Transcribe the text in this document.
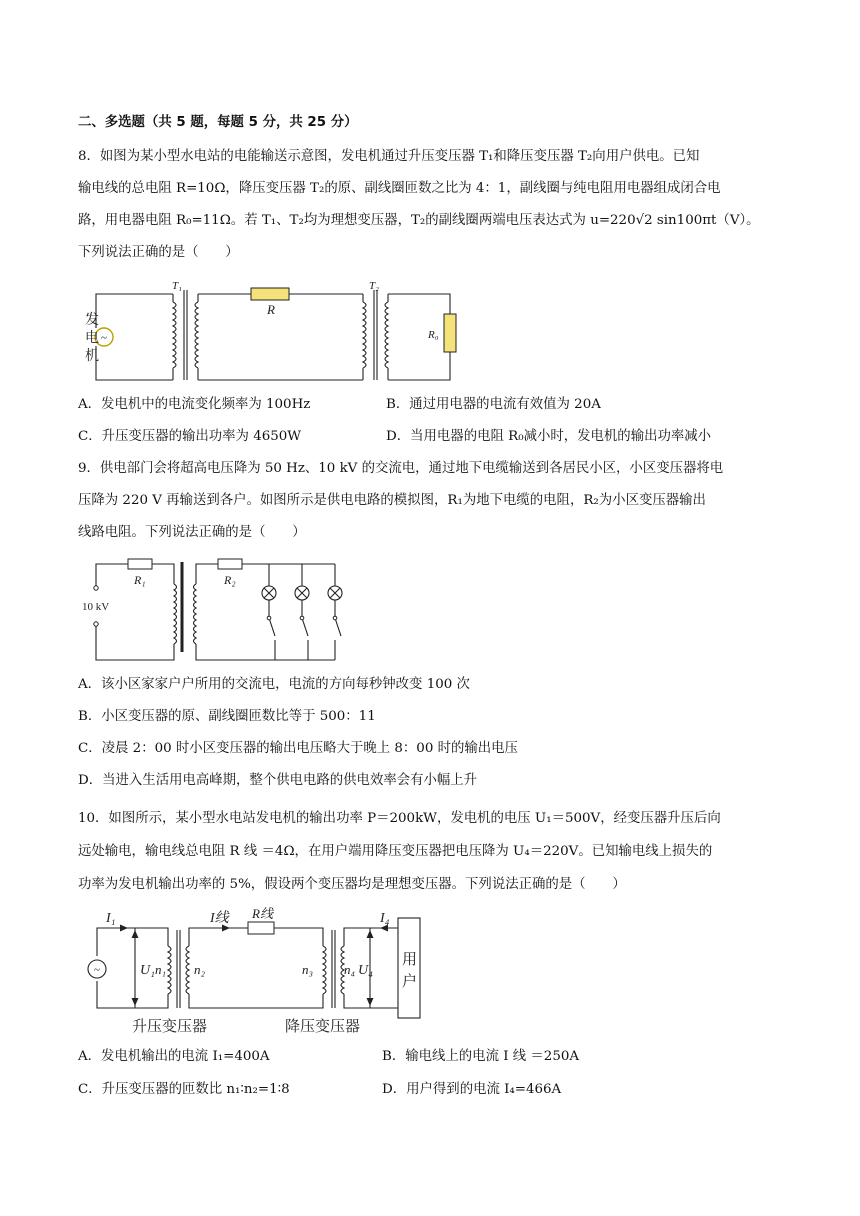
二、多选题（共 5 题，每题 5 分，共 25 分）
8．如图为某小型水电站的电能输送示意图，发电机通过升压变压器 T₁和降压变压器 T₂向用户供电。已知
输电线的总电阻 R=10Ω，降压变压器 T₂的原、副线圈匝数之比为 4：1，副线圈与纯电阻用电器组成闭合电
路，用电器电阻 R₀=11Ω。若 T₁、T₂均为理想变压器，T₂的副线圈两端电压表达式为 u=220√2 sin100πt（V）。
下列说法正确的是（　　）
~
发
电
机
T₁	T₂
R
R₀
A．发电机中的电流变化频率为 100Hz	B．通过用电器的电流有效值为 20A
C．升压变压器的输出功率为 4650W	D．当用电器的电阻 R₀减小时，发电机的输出功率减小
9．供电部门会将超高电压降为 50 Hz、10 kV 的交流电，通过地下电缆输送到各居民小区，小区变压器将电
压降为 220 V 再输送到各户。如图所示是供电电路的模拟图，R₁为地下电缆的电阻，R₂为小区变压器输出
线路电阻。下列说法正确的是（　　）
R₁	R₂
10 kV
A．该小区家家户户所用的交流电，电流的方向每秒钟改变 100 次
B．小区变压器的原、副线圈匝数比等于 500：11
C．凌晨 2：00 时小区变压器的输出电压略大于晚上 8：00 时的输出电压
D．当进入生活用电高峰期，整个供电电路的供电效率会有小幅上升
10．如图所示，某小型水电站发电机的输出功率 P＝200kW，发电机的电压 U₁＝500V，经变压器升压后向
远处输电，输电线总电阻 R 线 ＝4Ω，在用户端用降压变压器把电压降为 U₄＝220V。已知输电线上损失的
功率为发电机输出功率的 5%，假设两个变压器均是理想变压器。下列说法正确的是（　　）
~
用
户
I₁	I线 R线	I₄
U₁ n₁ n₂	n₃ n₄ U₄
升压变压器	降压变压器
A．发电机输出的电流 I₁=400A	B．输电线上的电流 I 线 ＝250A
C．升压变压器的匝数比 n₁∶n₂=1∶8	D．用户得到的电流 I₄=466A
